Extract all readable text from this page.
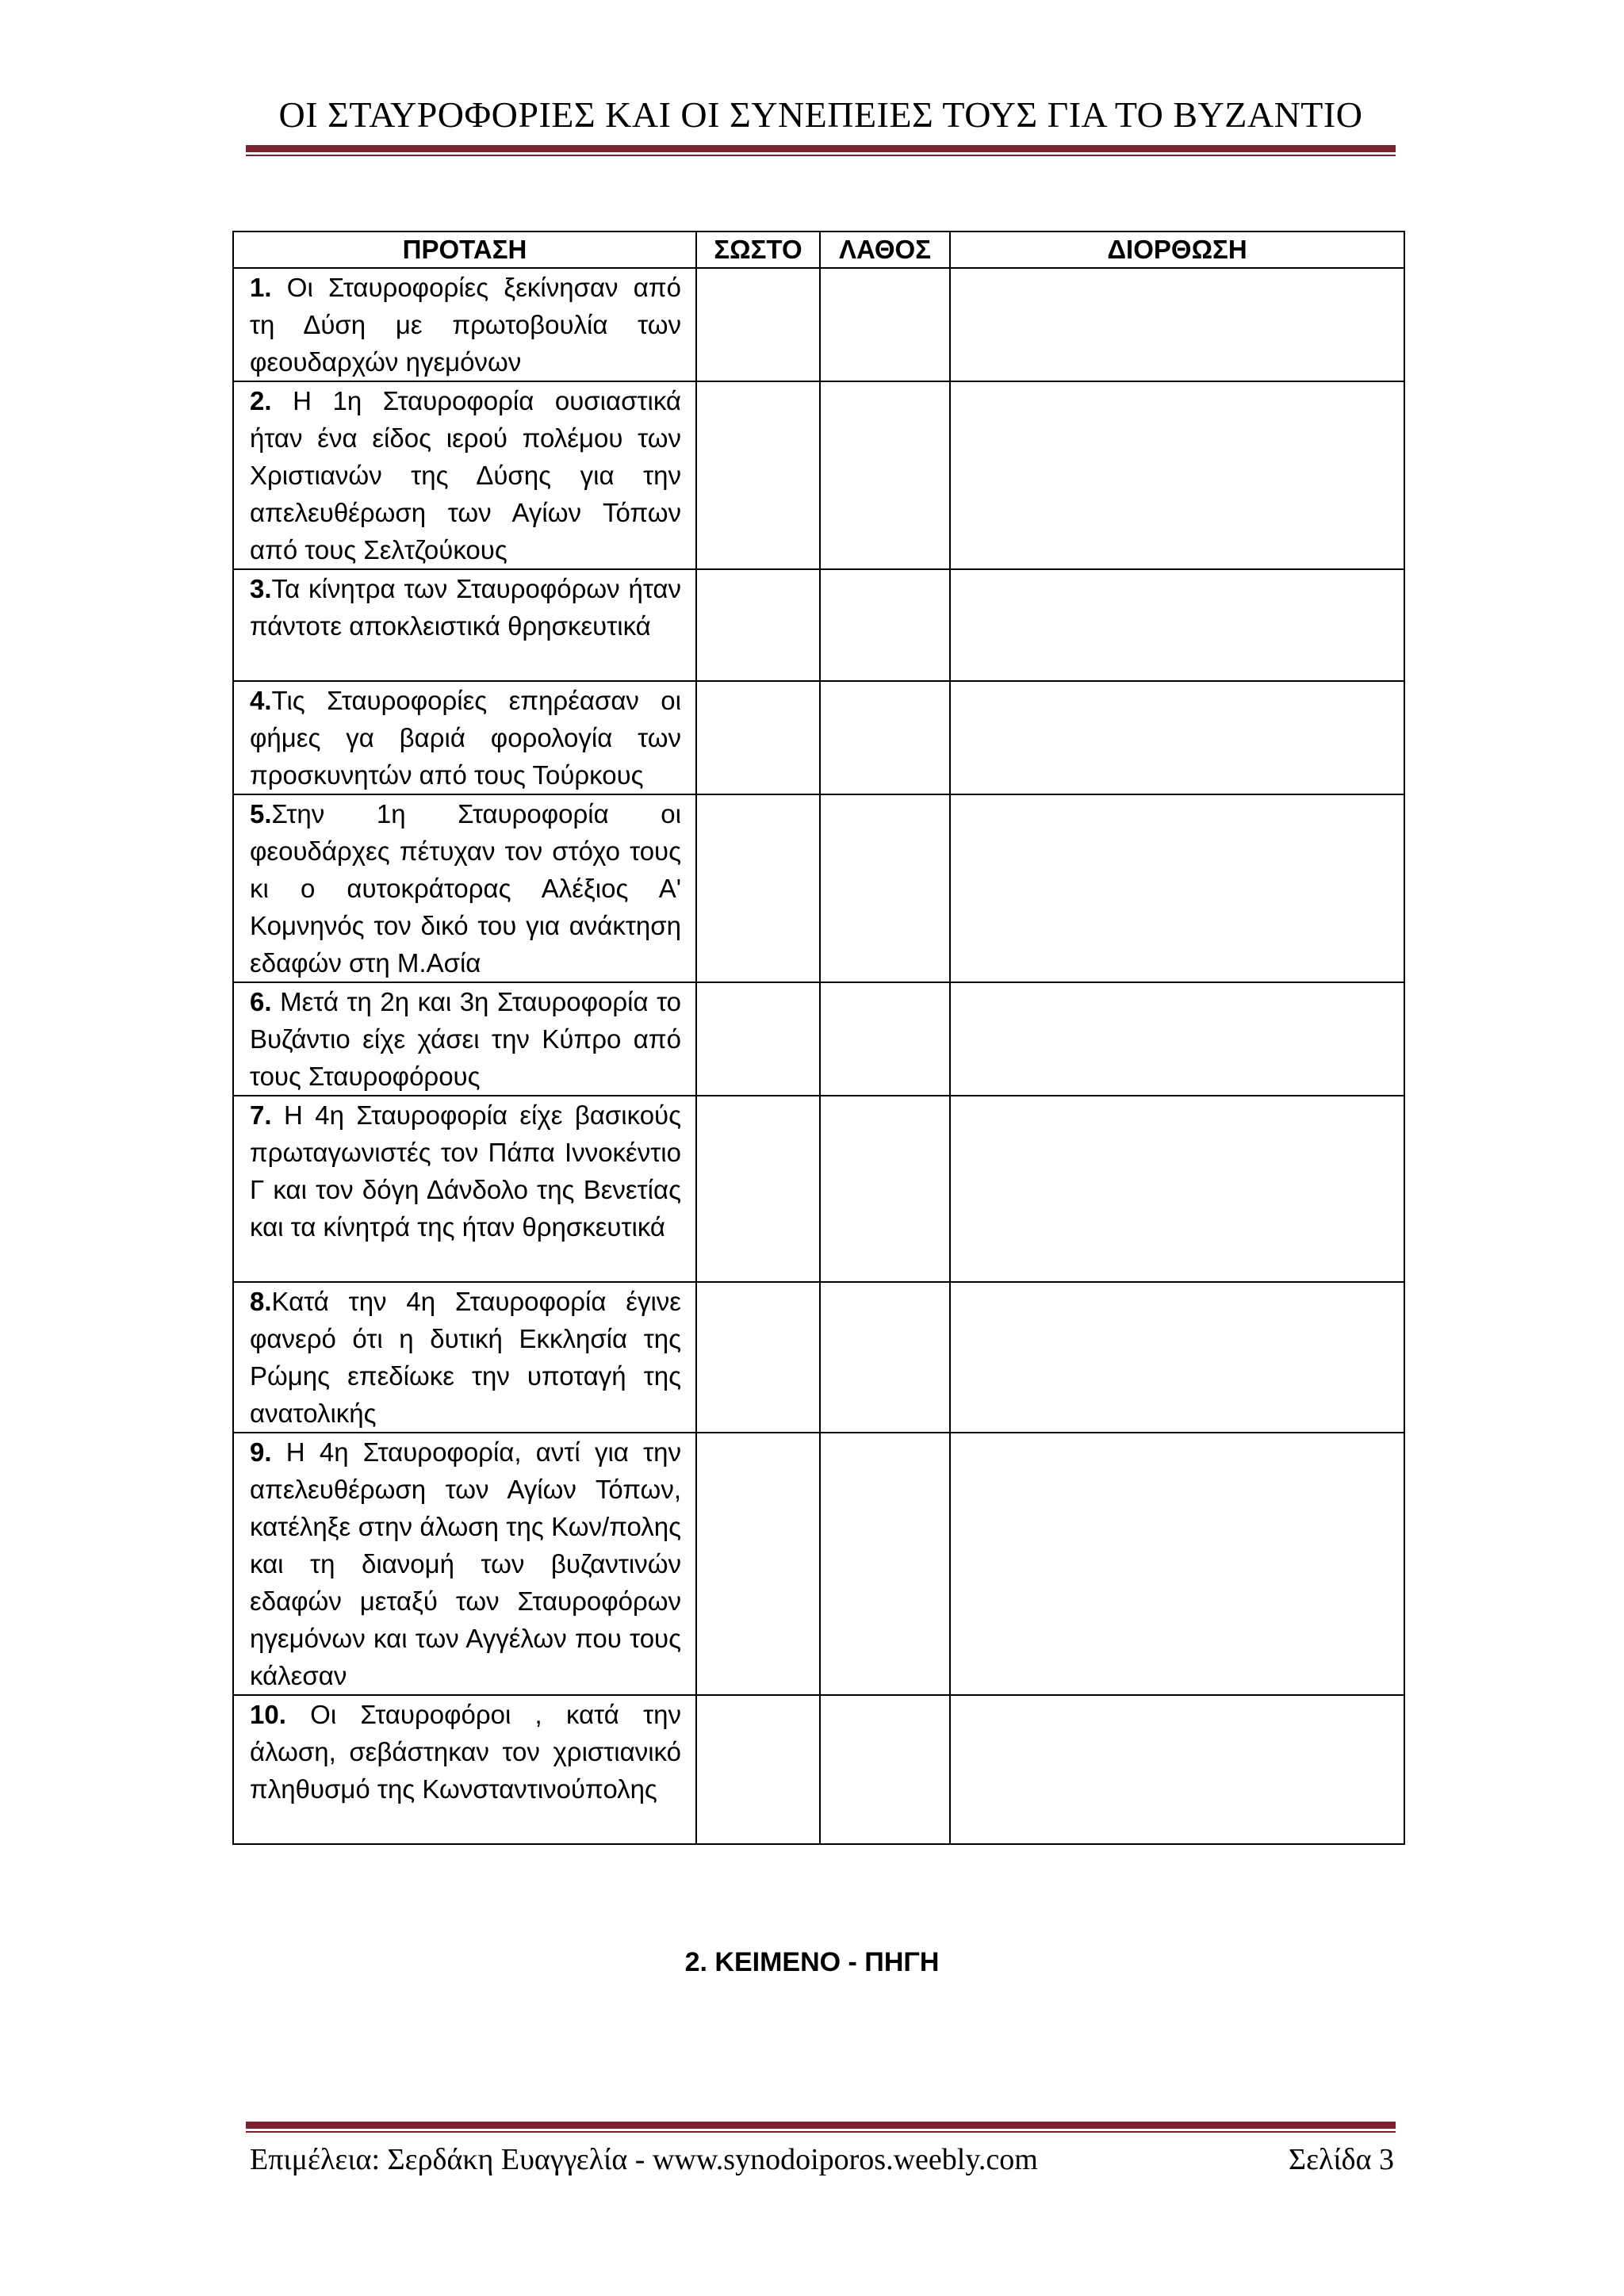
ΟΙ ΣΤΑΥΡΟΦΟΡΙΕΣ ΚΑΙ ΟΙ ΣΥΝΕΠΕΙΕΣ ΤΟΥΣ ΓΙΑ ΤΟ ΒΥΖΑΝΤΙΟ
ΠΡΟΤΑΣΗ	ΣΩΣΤΟ	ΛΑΘΟΣ	ΔΙΟΡΘΩΣΗ
1. Οι Σταυροφορίες ξεκίνησαν από τη Δύση με πρωτοβουλία των φεουδαρχών ηγεμόνων			
2. Η 1η Σταυροφορία ουσιαστικά ήταν ένα είδος ιερού πολέμου των Χριστιανών της Δύσης για την απελευθέρωση των Αγίων Τόπων από τους Σελτζούκους			
3.Τα κίνητρα των Σταυροφόρων ήταν πάντοτε αποκλειστικά θρησκευτικά			
4.Τις Σταυροφορίες επηρέασαν οι φήμες γα βαριά φορολογία των προσκυνητών από τους Τούρκους			
5.Στην 1η Σταυροφορία οι φεουδάρχες πέτυχαν τον στόχο τους κι ο αυτοκράτορας Αλέξιος Α' Κομνηνός τον δικό του για ανάκτηση εδαφών στη Μ.Ασία			
6. Μετά τη 2η και 3η Σταυροφορία το Βυζάντιο είχε χάσει την Κύπρο από τους Σταυροφόρους			
7. Η 4η Σταυροφορία είχε βασικούς πρωταγωνιστές τον Πάπα Ιννοκέντιο Γ και τον δόγη Δάνδολο της Βενετίας και τα κίνητρά της ήταν θρησκευτικά			
8.Κατά την 4η Σταυροφορία έγινε φανερό ότι η δυτική Εκκλησία της Ρώμης επεδίωκε την υποταγή της ανατολικής			
9. Η 4η Σταυροφορία, αντί για την απελευθέρωση των Αγίων Τόπων, κατέληξε στην άλωση της Κων/πολης και τη διανομή των βυζαντινών εδαφών μεταξύ των Σταυροφόρων ηγεμόνων και των Αγγέλων που τους κάλεσαν			
10. Οι Σταυροφόροι , κατά την άλωση, σεβάστηκαν τον χριστιανικό πληθυσμό της Κωνσταντινούπολης			
2. ΚΕΙΜΕΝΟ - ΠΗΓΗ
Επιμέλεια: Σερδάκη Ευαγγελία - www.synodoiporos.weebly.com	Σελίδα 3
